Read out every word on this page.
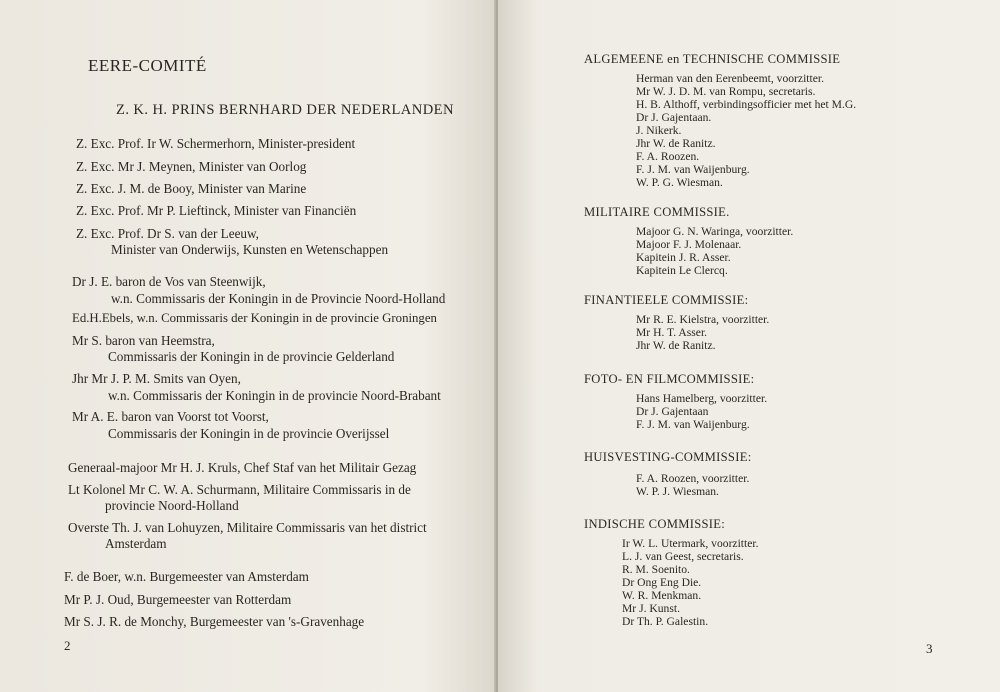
EERE-COMITÉ
Z. K. H. PRINS BERNHARD DER NEDERLANDEN
Z. Exc. Prof. Ir W. Schermerhorn, Minister-president
Z. Exc. Mr J. Meynen, Minister van Oorlog
Z. Exc. J. M. de Booy, Minister van Marine
Z. Exc. Prof. Mr P. Lieftinck, Minister van Financiën
Z. Exc. Prof. Dr S. van der Leeuw,
Minister van Onderwijs, Kunsten en Wetenschappen
Dr J. E. baron de Vos van Steenwijk,
w.n. Commissaris der Koningin in de Provincie Noord-Holland
Ed.H.Ebels, w.n. Commissaris der Koningin in de provincie Groningen
Mr S. baron van Heemstra,
Commissaris der Koningin in de provincie Gelderland
Jhr Mr J. P. M. Smits van Oyen,
w.n. Commissaris der Koningin in de provincie Noord-Brabant
Mr A. E. baron van Voorst tot Voorst,
Commissaris der Koningin in de provincie Overijssel
Generaal-majoor Mr H. J. Kruls, Chef Staf van het Militair Gezag
Lt Kolonel Mr C. W. A. Schurmann, Militaire Commissaris in de
provincie Noord-Holland
Overste Th. J. van Lohuyzen, Militaire Commissaris van het district
Amsterdam
F. de Boer, w.n. Burgemeester van Amsterdam
Mr P. J. Oud, Burgemeester van Rotterdam
Mr S. J. R. de Monchy, Burgemeester van 's-Gravenhage
2
ALGEMEENE en TECHNISCHE COMMISSIE
Herman van den Eerenbeemt, voorzitter.
Mr W. J. D. M. van Rompu, secretaris.
H. B. Althoff, verbindingsofficier met het M.G.
Dr J. Gajentaan.
J. Nikerk.
Jhr W. de Ranitz.
F. A. Roozen.
F. J. M. van Waijenburg.
W. P. G. Wiesman.
MILITAIRE COMMISSIE.
Majoor G. N. Waringa, voorzitter.
Majoor F. J. Molenaar.
Kapitein J. R. Asser.
Kapitein Le Clercq.
FINANTIEELE COMMISSIE:
Mr R. E. Kielstra, voorzitter.
Mr H. T. Asser.
Jhr W. de Ranitz.
FOTO- EN FILMCOMMISSIE:
Hans Hamelberg, voorzitter.
Dr J. Gajentaan
F. J. M. van Waijenburg.
HUISVESTING-COMMISSIE:
F. A. Roozen, voorzitter.
W. P. J. Wiesman.
INDISCHE COMMISSIE:
Ir W. L. Utermark, voorzitter.
L. J. van Geest, secretaris.
R. M. Soenito.
Dr Ong Eng Die.
W. R. Menkman.
Mr J. Kunst.
Dr Th. P. Galestin.
3
